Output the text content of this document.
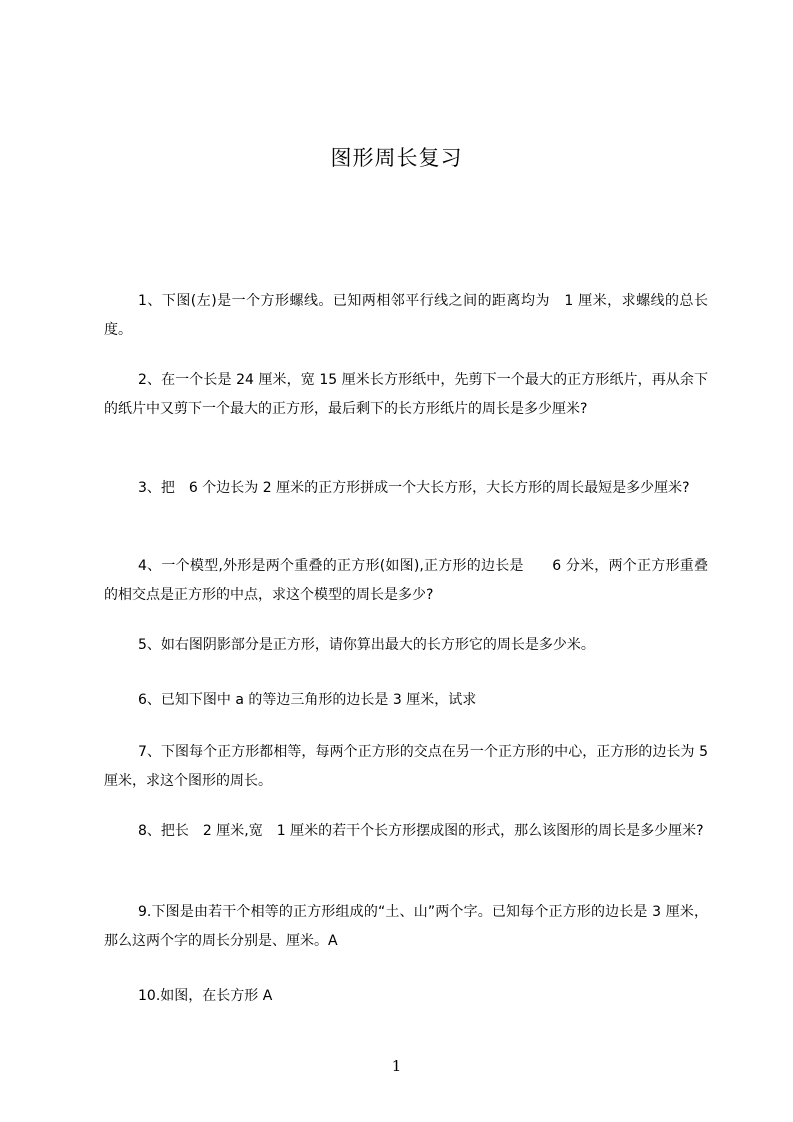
图形周长复习

1、下图(左)是一个方形螺线。已知两相邻平行线之间的距离均为　1 厘米，求螺线的总长度。

2、在一个长是 24 厘米，宽 15 厘米长方形纸中，先剪下一个最大的正方形纸片，再从余下的纸片中又剪下一个最大的正方形，最后剩下的长方形纸片的周长是多少厘米?

3、把　6 个边长为 2 厘米的正方形拼成一个大长方形，大长方形的周长最短是多少厘米?

4、一个模型,外形是两个重叠的正方形(如图),正方形的边长是　　6 分米，两个正方形重叠的相交点是正方形的中点，求这个模型的周长是多少?

5、如右图阴影部分是正方形，请你算出最大的长方形它的周长是多少米。

6、已知下图中 a 的等边三角形的边长是 3 厘米，试求

7、下图每个正方形都相等，每两个正方形的交点在另一个正方形的中心，正方形的边长为 5 厘米，求这个图形的周长。

8、把长　2 厘米,宽　1 厘米的若干个长方形摆成图的形式，那么该图形的周长是多少厘米?

9.下图是由若干个相等的正方形组成的“土、山”两个字。已知每个正方形的边长是 3 厘米，那么这两个字的周长分别是、厘米。A

10.如图，在长方形 A

1
